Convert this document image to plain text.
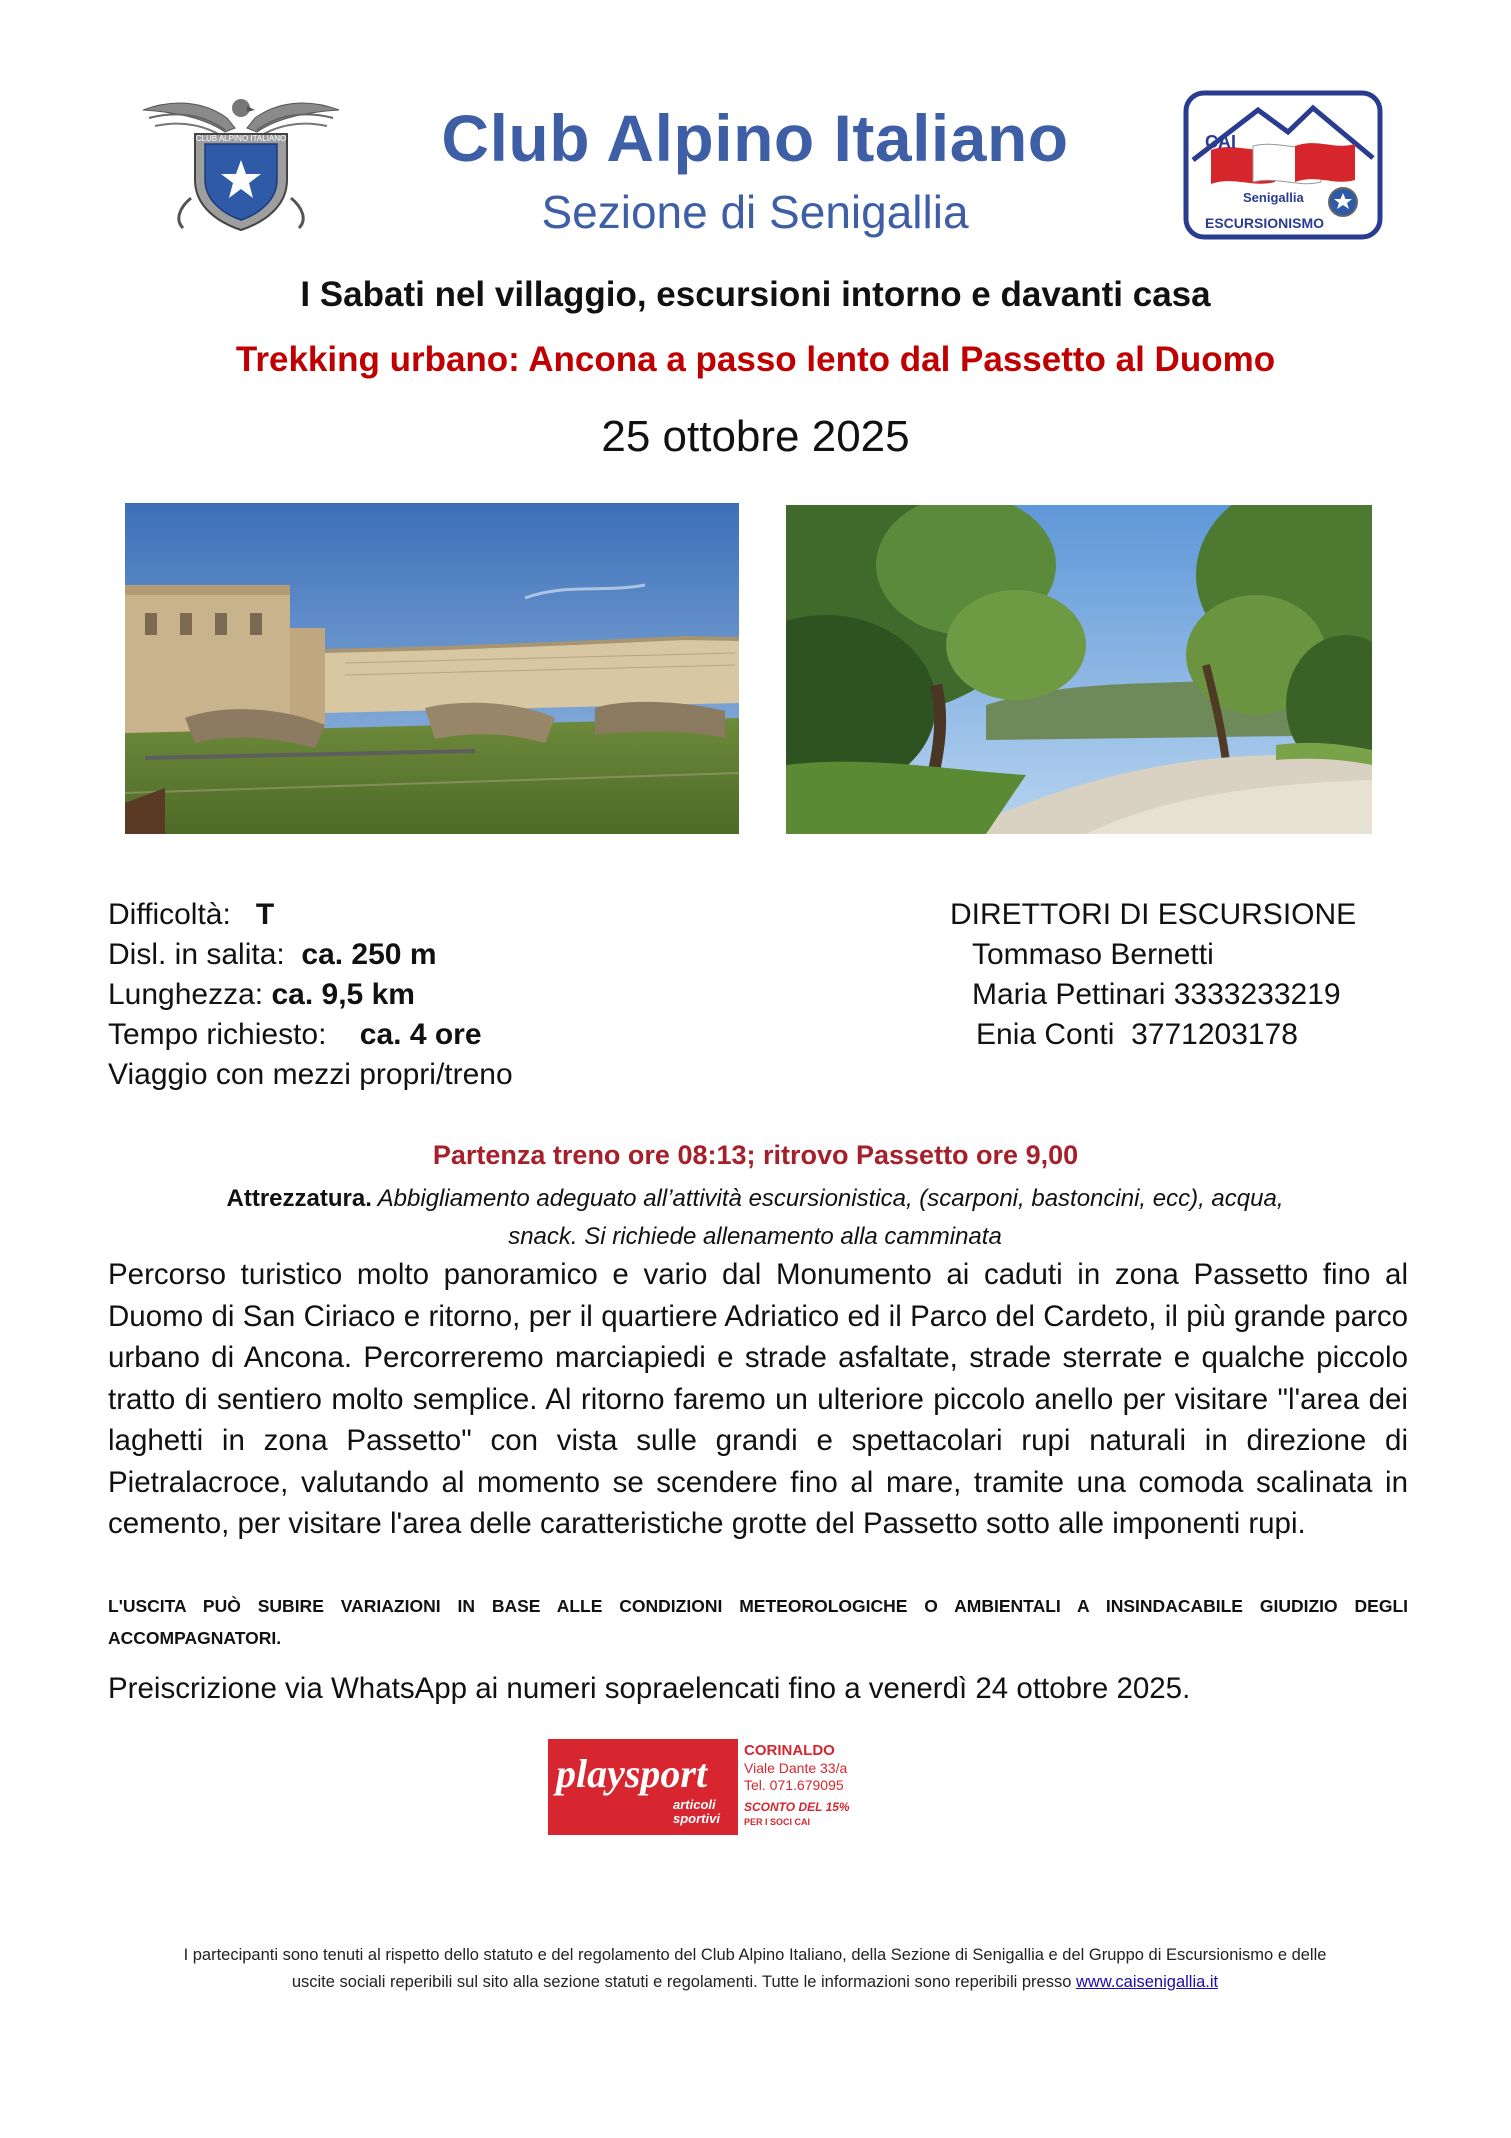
CLUB ALPINO ITALIANO	Club Alpino Italiano
Sezione di Senigallia
CAI
Senigallia
ESCURSIONISMO
I Sabati nel villaggio, escursioni intorno e davanti casa
Trekking urbano: Ancona a passo lento dal Passetto al Duomo
25 ottobre 2025
Difficoltà: T
Disl. in salita: ca. 250 m
Lunghezza: ca. 9,5 km
Tempo richiesto: ca. 4 ore
Viaggio con mezzi propri/treno
DIRETTORI DI ESCURSIONE
Tommaso Bernetti
Maria Pettinari 3333233219
Enia Conti  3771203178
Partenza treno ore 08:13; ritrovo Passetto ore 9,00
Attrezzatura. Abbigliamento adeguato all’attività escursionistica, (scarponi, bastoncini, ecc), acqua,
snack. Si richiede allenamento alla camminata
Percorso turistico molto panoramico e vario dal Monumento ai caduti in zona Passetto fino al Duomo di San Ciriaco e ritorno, per il quartiere Adriatico ed il Parco del Cardeto, il più grande parco urbano di Ancona. Percorreremo marciapiedi e strade asfaltate, strade sterrate e qualche piccolo tratto di sentiero molto semplice. Al ritorno faremo un ulteriore piccolo anello per visitare "l'area dei laghetti in zona Passetto" con vista sulle grandi e spettacolari rupi naturali in direzione di Pietralacroce, valutando al momento se scendere fino al mare, tramite una comoda scalinata in cemento, per visitare l'area delle caratteristiche grotte del Passetto sotto alle imponenti rupi.
L'USCITA PUÒ SUBIRE VARIAZIONI IN BASE ALLE CONDIZIONI METEOROLOGICHE O AMBIENTALI A INSINDACABILE GIUDIZIO DEGLI ACCOMPAGNATORI.
Preiscrizione via WhatsApp ai numeri sopraelencati fino a venerdì 24 ottobre 2025.
playsport
articoli
sportivi
CORINALDO
Viale Dante 33/a
Tel. 071.679095
SCONTO DEL 15%
PER I SOCI CAI
I partecipanti sono tenuti al rispetto dello statuto e del regolamento del Club Alpino Italiano, della Sezione di Senigallia e del Gruppo di Escursionismo e delle
uscite sociali reperibili sul sito alla sezione statuti e regolamenti. Tutte le informazioni sono reperibili presso www.caisenigallia.it
